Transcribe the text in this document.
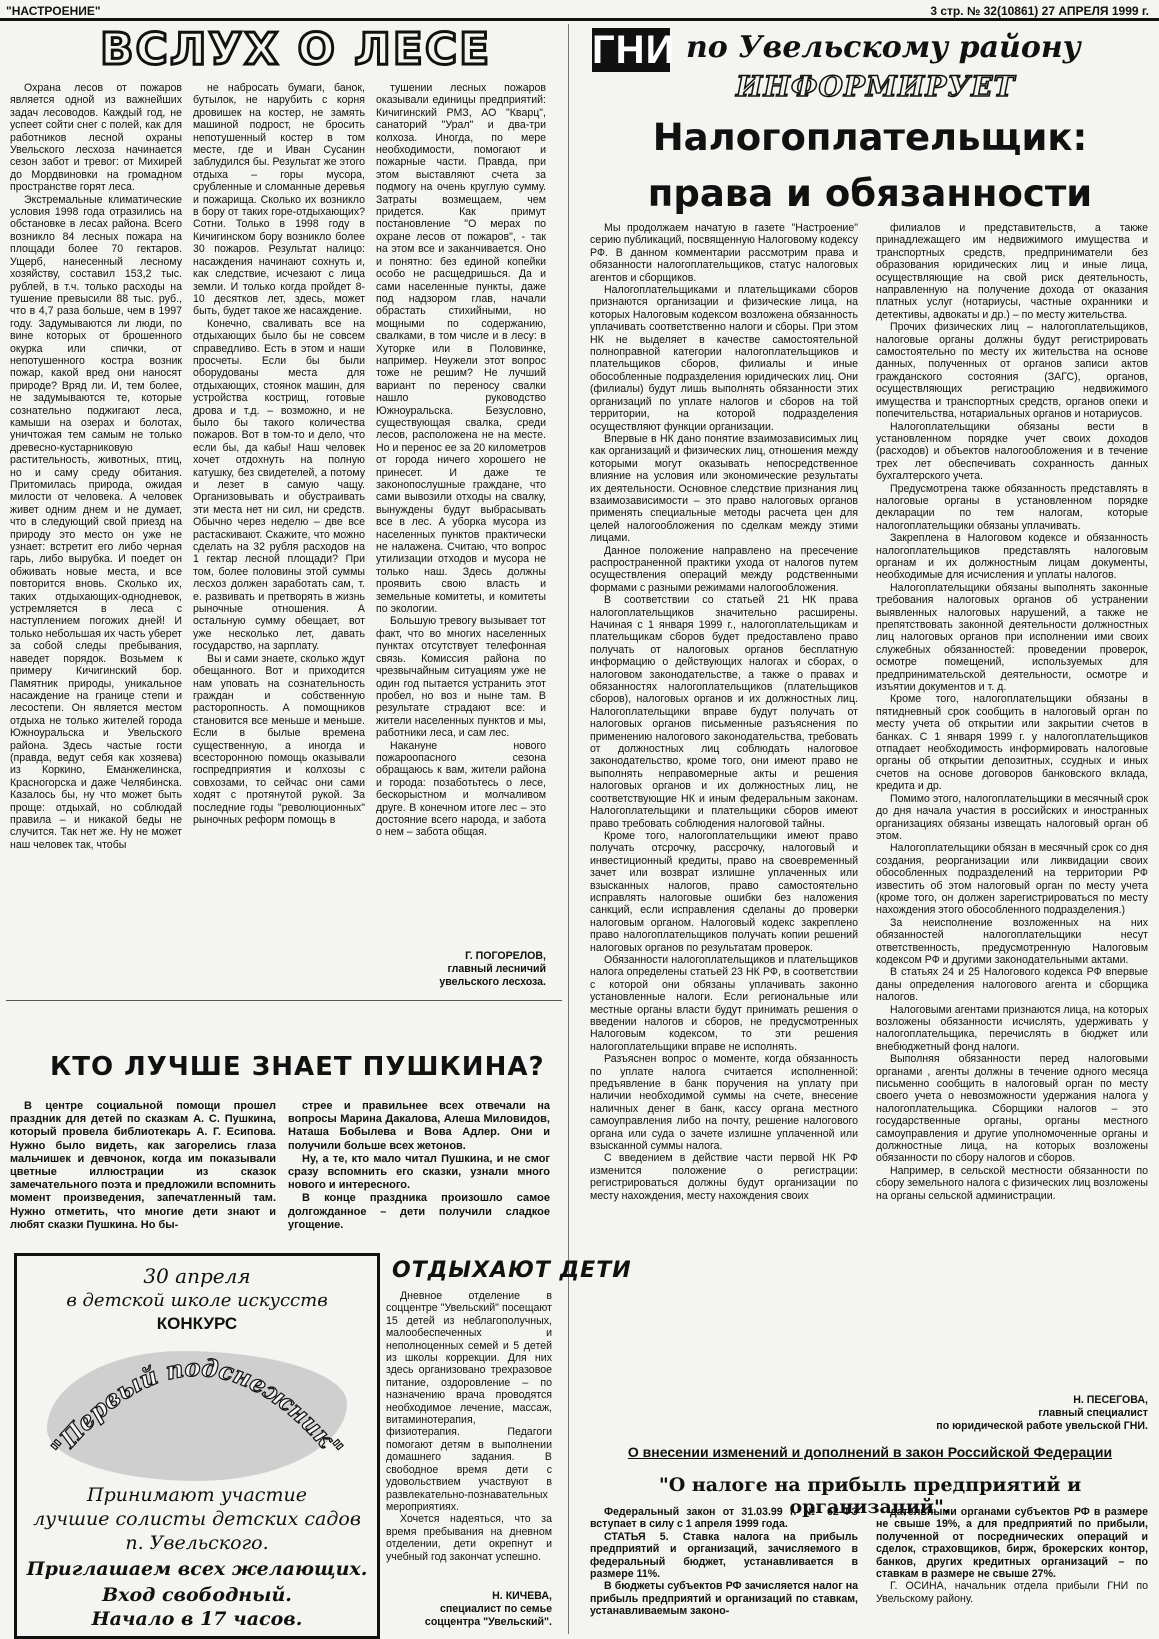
"НАСТРОЕНИЕ"	3 стр. № 32(10861) 27 АПРЕЛЯ 1999 г.
ВСЛУХ О ЛЕСЕ

Охрана лесов от пожаров является одной из важнейших задач лесоводов. Каждый год, не успеет сойти снег с полей, как для работников лесной охраны Увельского лесхоза начинается сезон забот и тревог: от Михирей до Мордвиновки на громадном пространстве горят леса.

Экстремальные климатические условия 1998 года отразились на обстановке в лесах района. Всего возникло 84 лесных пожара на площади более 70 гектаров. Ущерб, нанесенный лесному хозяйству, составил 153,2 тыс. рублей, в т.ч. только расходы на тушение превысили 88 тыс. руб., что в 4,7 раза больше, чем в 1997 году. Задумываются ли люди, по вине которых от брошенного окурка или спички, от непотушенного костра возник пожар, какой вред они наносят природе? Вряд ли. И, тем более, не задумываются те, которые сознательно поджигают леса, камыши на озерах и болотах, уничтожая тем самым не только древесно-кустарниковую растительность, животных, птиц, но и саму среду обитания. Притомилась природа, ожидая милости от человека. А человек живет одним днем и не думает, что в следующий свой приезд на природу это место он уже не узнает: встретит его либо черная гарь, либо вырубка. И поедет он обживать новые места, и все повторится вновь. Сколько их, таких отдыхающих-однодневок, устремляется в леса с наступлением погожих дней! И только небольшая их часть уберет за собой следы пребывания, наведет порядок. Возьмем к примеру Кичигинский бор. Памятник природы, уникальное насаждение на границе степи и лесостепи. Он является местом отдыха не только жителей города Южноуральска и Увельского района. Здесь частые гости (правда, ведут себя как хозяева) из Коркино, Еманжелинска, Красногорска и даже Челябинска. Казалось бы, ну что может быть проще: отдыхай, но соблюдай правила – и никакой беды не случится. Так нет же. Ну не может наш человек так, чтобы

не набросать бумаги, банок, бутылок, не нарубить с корня дровишек на костер, не замять машиной подрост, не бросить непотушенный костер в том месте, где и Иван Сусанин заблудился бы. Результат же этого отдыха – горы мусора, срубленные и сломанные деревья и пожарища. Сколько их возникло в бору от таких горе-отдыхающих? Сотни. Только в 1998 году в Кичигинском бору возникло более 30 пожаров. Результат налицо: насаждения начинают сохнуть и, как следствие, исчезают с лица земли. И только когда пройдет 8-10 десятков лет, здесь, может быть, будет такое же насаждение.

Конечно, сваливать все на отдыхающих было бы не совсем справедливо. Есть в этом и наши просчеты. Если бы были оборудованы места для отдыхающих, стоянок машин, для устройства кострищ, готовые дрова и т.д. – возможно, и не было бы такого количества пожаров. Вот в том-то и дело, что если бы, да кабы! Наш человек хочет отдохнуть на полную катушку, без свидетелей, а потому и лезет в самую чащу. Организовывать и обустраивать эти места нет ни сил, ни средств. Обычно через неделю – две все растаскивают. Скажите, что можно сделать на 32 рубля расходов на 1 гектар лесной площади? При том, более половины этой суммы лесхоз должен заработать сам, т. е. развивать и претворять в жизнь рыночные отношения. А остальную сумму обещает, вот уже несколько лет, давать государство, на зарплату.

Вы и сами знаете, сколько ждут обещанного. Вот и приходится нам уповать на сознательность граждан и собственную расторопность. А помощников становится все меньше и меньше. Если в былые времена существенную, а иногда и всесторонною помощь оказывали госпредприятия и колхозы с совхозами, то сейчас они сами ходят с протянутой рукой. За последние годы "революционных" рыночных реформ помощь в

тушении лесных пожаров оказывали единицы предприятий: Кичигинский РМЗ, АО "Кварц", санаторий "Урал" и два-три колхоза. Иногда, по мере необходимости, помогают и пожарные части. Правда, при этом выставляют счета за подмогу на очень круглую сумму. Затраты возмещаем, чем придется. Как примут постановление "О мерах по охране лесов от пожаров", - так на этом все и заканчивается. Оно и понятно: без единой копейки особо не расщедришься. Да и сами населенные пункты, даже под надзором глав, начали обрастать стихийными, но мощными по содержанию, свалками, в том числе и в лесу: в Хуторке или в Половинке, например. Неужели этот вопрос тоже не решим? Не лучший вариант по переносу свалки нашло руководство Южноуральска. Безусловно, существующая свалка, среди лесов, расположена не на месте. Но и перенос ее за 20 километров от города ничего хорошего не принесет. И даже те законопослушные граждане, что сами вывозили отходы на свалку, вынуждены будут выбрасывать все в лес. А уборка мусора из населенных пунктов практически не налажена. Считаю, что вопрос утилизации отходов и мусора не только наш. Здесь должны проявить свою власть и земельные комитеты, и комитеты по экологии.

Большую тревогу вызывает тот факт, что во многих населенных пунктах отсутствует телефонная связь. Комиссия района по чрезвычайным ситуациям уже не один год пытается устранить этот пробел, но воз и ныне там. В результате страдают все: и жители населенных пунктов и мы, работники леса, и сам лес.

Накануне нового пожароопасного сезона обращаюсь к вам, жители района и города: позаботьтесь о лесе, бескорыстном и молчаливом друге. В конечном итоге лес – это достояние всего народа, и забота о нем – забота общая.

Г. ПОГОРЕЛОВ,

главный лесничий

увельского лесхоза.

ГНИ по Увельскому району
ИНФОРМИРУЕТ
Налогоплательщик:
права и обязанности

Мы продолжаем начатую в газете "Настроение" серию публикаций, посвященную Налоговому кодексу РФ. В данном комментарии рассмотрим права и обязанности налогоплательщиков, статус налоговых агентов и сборщиков.

Налогоплательщиками и плательщиками сборов признаются организации и физические лица, на которых Налоговым кодексом возложена обязанность уплачивать соответственно налоги и сборы. При этом НК не выделяет в качестве самостоятельной полноправной категории налогоплательщиков и плательщиков сборов, филиалы и иные обособленные подразделения юридических лиц. Они (филиалы) будут лишь выполнять обязанности этих организаций по уплате налогов и сборов на той территории, на которой подразделения осуществляют функции организации.

Впервые в НК дано понятие взаимозависимых лиц как организаций и физических лиц, отношения между которыми могут оказывать непосредственное влияние на условия или экономические результаты их деятельности. Основное следствие признания лиц взаимозависимости – это право налоговых органов применять специальные методы расчета цен для целей налогообложения по сделкам между этими лицами.

Данное положение направлено на пресечение распространенной практики ухода от налогов путем осуществления операций между родственными формами с разными режимами налогообложения.

В соответствии со статьей 21 НК права налогоплательщиков значительно расширены. Начиная с 1 января 1999 г., налогоплательщикам и плательщикам сборов будет предоставлено право получать от налоговых органов бесплатную информацию о действующих налогах и сборах, о налоговом законодательстве, а также о правах и обязанностях налогоплательщиков (плательщиков сборов), налоговых органов и их должностных лиц. Налогоплательщики вправе будут получать от налоговых органов письменные разъяснения по применению налогового законодательства, требовать от должностных лиц соблюдать налоговое законодательство, кроме того, они имеют право не выполнять неправомерные акты и решения налоговых органов и их должностных лиц, не соответствующие НК и иным федеральным законам. Налогоплательщики и плательщики сборов имеют право требовать соблюдения налоговой тайны.

Кроме того, налогоплательщики имеют право получать отсрочку, рассрочку, налоговый и инвестиционный кредиты, право на своевременный зачет или возврат излишне уплаченных или взысканных налогов, право самостоятельно исправлять налоговые ошибки без наложения санкций, если исправления сделаны до проверки налоговым органом. Налоговый кодекс закреплено право налогоплательщиков получать копии решений налоговых органов по результатам проверок.

Обязанности налогоплательщиков и плательщиков налога определены статьей 23 НК РФ, в соответствии с которой они обязаны уплачивать законно установленные налоги. Если региональные или местные органы власти будут принимать решения о введении налогов и сборов, не предусмотренных Налоговым кодексом, то эти решения налогоплательщики вправе не исполнять.

Разъяснен вопрос о моменте, когда обязанность по уплате налога считается исполненной: предъявление в банк поручения на уплату при наличии необходимой суммы на счете, внесение наличных денег в банк, кассу органа местного самоуправления либо на почту, решение налогового органа или суда о зачете излишне уплаченной или взысканной суммы налога.

С введением в действие части первой НК РФ изменится положение о регистрации: регистрироваться должны будут организации по месту нахождения, месту нахождения своих

филиалов и представительств, а также принадлежащего им недвижимого имущества и транспортных средств, предприниматели без образования юридических лиц и иные лица, осуществляющие на свой риск деятельность, направленную на получение дохода от оказания платных услуг (нотариусы, частные охранники и детективы, адвокаты и др.) – по месту жительства.

Прочих физических лиц – налогоплательщиков, налоговые органы должны будут регистрировать самостоятельно по месту их жительства на основе данных, полученных от органов записи актов гражданского состояния (ЗАГС), органов, осуществляющих регистрацию недвижимого имущества и транспортных средств, органов опеки и попечительства, нотариальных органов и нотариусов.

Налогоплательщики обязаны вести в установленном порядке учет своих доходов (расходов) и объектов налогообложения и в течение трех лет обеспечивать сохранность данных бухгалтерского учета.

Предусмотрена также обязанность представлять в налоговые органы в установленном порядке декларации по тем налогам, которые налогоплательщики обязаны уплачивать.

Закреплена в Налоговом кодексе и обязанность налогоплательщиков представлять налоговым органам и их должностным лицам документы, необходимые для исчисления и уплаты налогов.

Налогоплательщики обязаны выполнять законные требования налоговых органов об устранении выявленных налоговых нарушений, а также не препятствовать законной деятельности должностных лиц налоговых органов при исполнении ими своих служебных обязанностей: проведении проверок, осмотре помещений, используемых для предпринимательской деятельности, осмотре и изъятии документов и т. д.

Кроме того, налогоплательщики обязаны в пятидневный срок сообщить в налоговый орган по месту учета об открытии или закрытии счетов в банках. С 1 января 1999 г. у налогоплательщиков отпадает необходимость информировать налоговые органы об открытии депозитных, ссудных и иных счетов на основе договоров банковского вклада, кредита и др.

Помимо этого, налогоплательщики в месячный срок до дня начала участия в российских и иностранных организациях обязаны извещать налоговый орган об этом.

Налогоплательщики обязан в месячный срок со дня создания, реорганизации или ликвидации своих обособленных подразделений на территории РФ известить об этом налоговый орган по месту учета (кроме того, он должен зарегистрироваться по месту нахождения этого обособленного подразделения.)

За неисполнение возложенных на них обязанностей налогоплательщики несут ответственность, предусмотренную Налоговым кодексом РФ и другими законодательными актами.

В статьях 24 и 25 Налогового кодекса РФ впервые даны определения налогового агента и сборщика налогов.

Налоговыми агентами признаются лица, на которых возложены обязанности исчислять, удерживать у налогоплательщика, перечислять в бюджет или внебюджетный фонд налоги.

Выполняя обязанности перед налоговыми органами , агенты должны в течение одного месяца письменно сообщить в налоговый орган по месту своего учета о невозможности удержания налога у налогоплательщика. Сборщики налогов – это государственные органы, органы местного самоуправления и другие уполномоченные органы и должностные лица, на которых возложены обязанности по сбору налогов и сборов.

Например, в сельской местности обязанности по сбору земельного налога с физических лиц возложены на органы сельской администрации.

Н. ПЕСЕГОВА,

главный специалист

по юридической работе увельской ГНИ.

О внесении изменений и дополнений в закон Российской Федерации
"О налоге на прибыль предприятий и организаций".

Федеральный закон от 31.03.99 г. № 62-ФЗ вступает в силу с 1 апреля 1999 года.

СТАТЬЯ 5. Ставка налога на прибыль предприятий и организаций, зачисляемого в федеральный бюджет, устанавливается в размере 11%.

В бюджеты субъектов РФ зачисляется налог на прибыль предприятий и организаций по ставкам, устанавливаемым законо-

дательными органами субъектов РФ в размере не свыше 19%, а для предприятий по прибыли, полученной от посреднических операций и сделок, страховщиков, бирж, брокерских контор, банков, других кредитных организаций – по ставкам в размере не свыше 27%.

Г. ОСИНА, начальник отдела прибыли ГНИ по Увельскому району.

КТО ЛУЧШЕ ЗНАЕТ ПУШКИНА?

В центре социальной помощи прошел праздник для детей по сказкам А. С. Пушкина, который провела библиотекарь А. Г. Есипова. Нужно было видеть, как загорелись глаза мальчишек и девчонок, когда им показывали цветные иллюстрации из сказок замечательного поэта и предложили вспомнить момент произведения, запечатленный там. Нужно отметить, что многие дети знают и любят сказки Пушкина. Но бы-

стрее и правильнее всех отвечали на вопросы Марина Дакалова, Алеша Миловидов, Наташа Бобылева и Вова Адлер. Они и получили больше всех жетонов.

Ну, а те, кто мало читал Пушкина, и не смог сразу вспомнить его сказки, узнали много нового и интересного.

В конце праздника произошло самое долгожданное – дети получили сладкое угощение.

30 апреля
в детской школе искусств
КОНКУРС
"Первый подснежник"
Принимают участие
лучшие солисты детских садов
п. Увельского.
Приглашаем всех желающих.
Вход свободный.
Начало в 17 часов.
ОТДЫХАЮТ ДЕТИ

Дневное отделение в соццентре "Увельский" посещают 15 детей из неблагополучных, малообеспеченных и неполноценных семей и 5 детей из школы коррекции. Для них здесь организовано трехразовое питание, оздоровление – по назначению врача проводятся необходимое лечение, массаж, витаминотерапия, физиотерапия. Педагоги помогают детям в выполнении домашнего задания. В свободное время дети с удовольствием участвуют в развлекательно-познавательных мероприятиях.

Хочется надеяться, что за время пребывания на дневном отделении, дети окрепнут и учебный год закончат успешно.

Н. КИЧЕВА,

специалист по семье

соццентра "Увельский".
